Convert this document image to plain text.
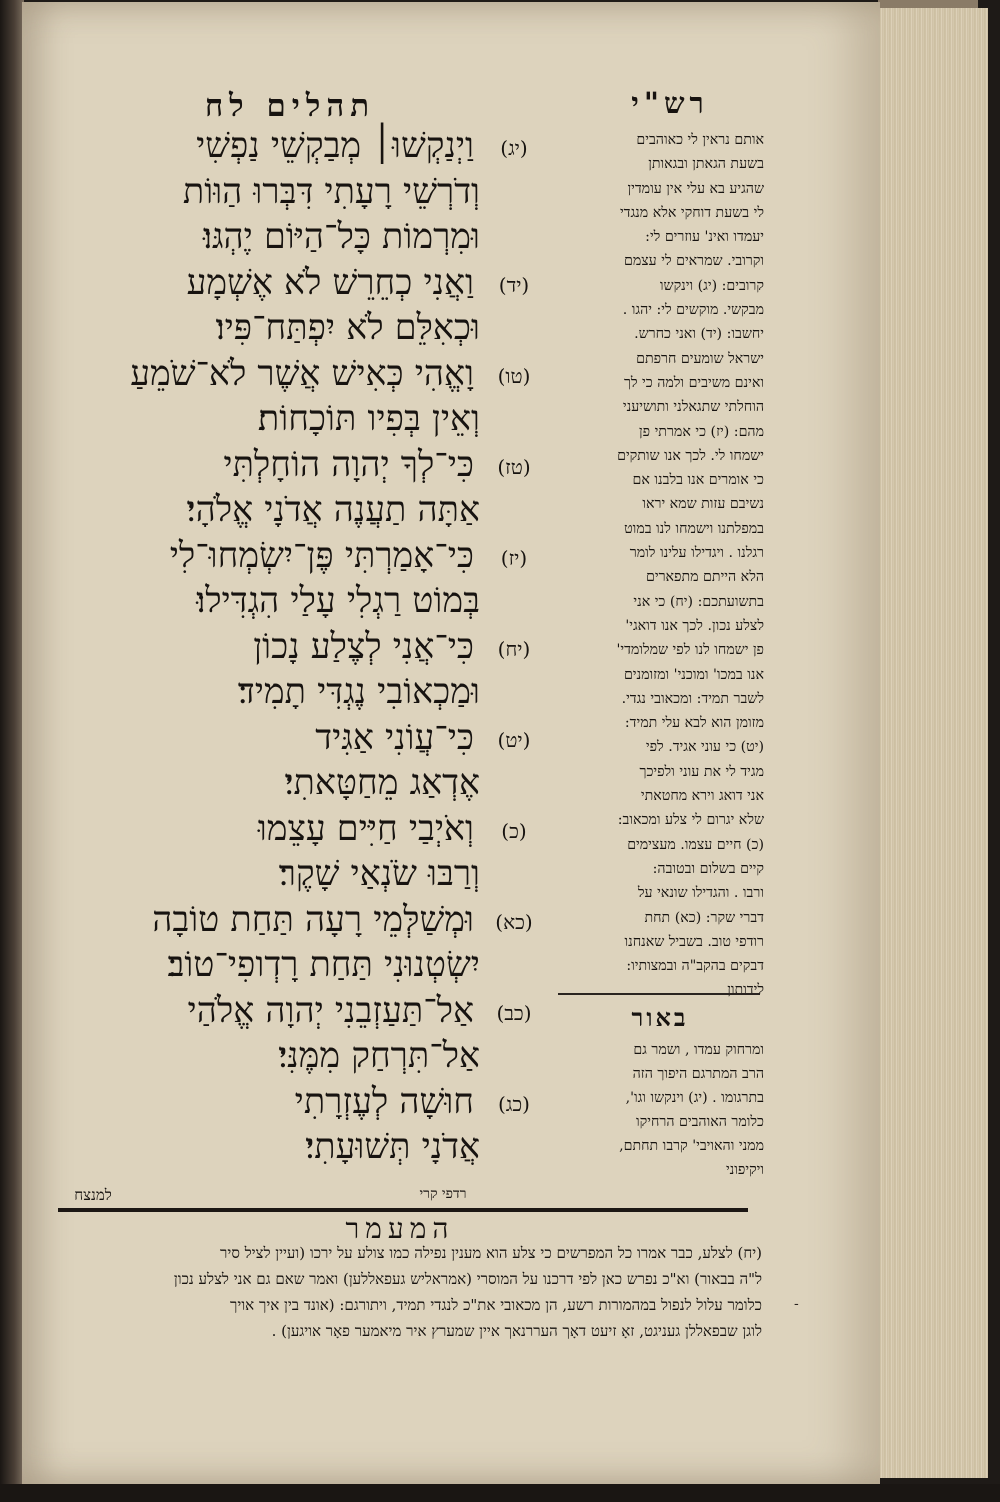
תהלים לח	רש"י
(יג)
וַיְנַקְשׁוּ׀ מְבַקְשֵׁי נַפְשִׁי
וְדֹרְשֵׁי רָעָתִי דִּבְּרוּ הַוּוֹת
וּמִרְמוֹת כָּל־הַיּוֹם יֶהְגּוּ׃
(יד)
וַאֲנִי כְחֵרֵשׁ לֹא אֶשְׁמָע
וּכְאִלֵּם לֹא יִפְתַּח־פִּיו׃
(טו)
וָאֱהִי כְּאִישׁ אֲשֶׁר לֹא־שֹׁמֵעַ
וְאֵין בְּפִיו תּוֹכָחוֹת׃
(טז)
כִּי־לְךָ יְהוָה הוֹחָלְתִּי
אַתָּה תַעֲנֶה אֲדֹנָי אֱלֹהָי׃
(יז)
כִּי־אָמַרְתִּי פֶּן־יִשְׂמְחוּ־לִי
בְּמוֹט רַגְלִי עָלַי הִגְדִּילוּ׃
(יח)
כִּי־אֲנִי לְצֶלַע נָכוֹן
וּמַכְאוֹבִי נֶגְדִּי תָמִיד׃
(יט)
כִּי־עֲוֹנִי אַגִּיד
אֶדְאַג מֵחַטָּאתִי׃
(כ)
וְאֹיְבַי חַיִּים עָצֵמוּ
וְרַבּוּ שֹׂנְאַי שָׁקֶר׃
(כא)
וּמְשַׁלְּמֵי רָעָה תַּחַת טוֹבָה
יִשְׂטְנוּנִי תַּחַת רָדְופִי־טוֹב׃
(כב)
אַל־תַּעַזְבֵנִי יְהוָה אֱלֹהַי
אַל־תִּרְחַק מִמֶּנִּי׃
(כג)
חוּשָׁה לְעֶזְרָתִי
אֲדֹנָי תְּשׁוּעָתִי׃
אותם נראין לי כאוהבים
בשעת הגאתן ובגאותן
שהגיע בא עלי אין עומדין
לי בשעת דוחקי אלא מנגדי
יעמדו ואינ' עוזרים לי:
וקרובי. שמראים לי עצמם
קרובים: (יג) וינקשו
מבקשי. מוקשים לי: יהגו .
יחשבו: (יד) ואני כחרש.
ישראל שומעים חרפתם
ואינם משיבים ולמה כי לך
הוחלתי שתגאלני ותושיעני
מהם: (יז) כי אמרתי פן
ישמחו לי. לכך אנו שותקים
כי אומרים אנו בלבנו אם
נשיבם עזות שמא יראו
במפלתנו וישמחו לנו במוט
רגלנו . ויגדילו עלינו לומר
הלא הייתם מתפארים
בתשועתכם: (יח) כי אני
לצלע נכון. לכך אנו דואגי'
פן ישמחו לנו לפי שמלומדי'
אנו במכו' ומוכני' ומזומנים
לשבר תמיד: ומכאובי נגדי.
מזומן הוא לבא עלי תמיד:
(יט) כי עוני אגיד. לפי
מגיד לי את עוני ולפיכך
אני דואג וירא מחטאתי
שלא יגרום לי צלע ומכאוב:
(כ) חיים עצמו. מעצימים
קיים בשלום ובטובה:
ורבו . והגדילו שונאי על
דברי שקר: (כא) תחת
רודפי טוב. בשביל שאנחנו
דבקים בהקב"ה ובמצותיו:
לידותון
באור
ומרחוק עמדו , ושמר גם
הרב המתרגם היפוך הזה
בתרגומו . (יג) וינקשו וגו',
כלומר האוהבים הרחיקו
ממני והאויבי' קרבו תחתם,
ויקיפוני
רדפי קרי
למנצח
המעמר
(יח) לצלע, כבר אמרו כל המפרשים כי צלע הוא מענין נפילה כמו צולע על ירכו (ועיין לציל סיר
ל"ה בבאור) וא"כ נפרש כאן לפי דרכנו על המוסרי (אמראליש געפאללען) ואמר שאם גם אני לצלע נכון
כלומר עלול לנפול במהמורות רשע, הן מכאובי את"כ לנגדי תמיד, ויתורגם: (אונד בין איך אויך
לוגן שבפאללן געניגט, זאָ זיעט דאָך העררנאך איין שמערץ איר מיאמער פאָר אויגען) .
-
